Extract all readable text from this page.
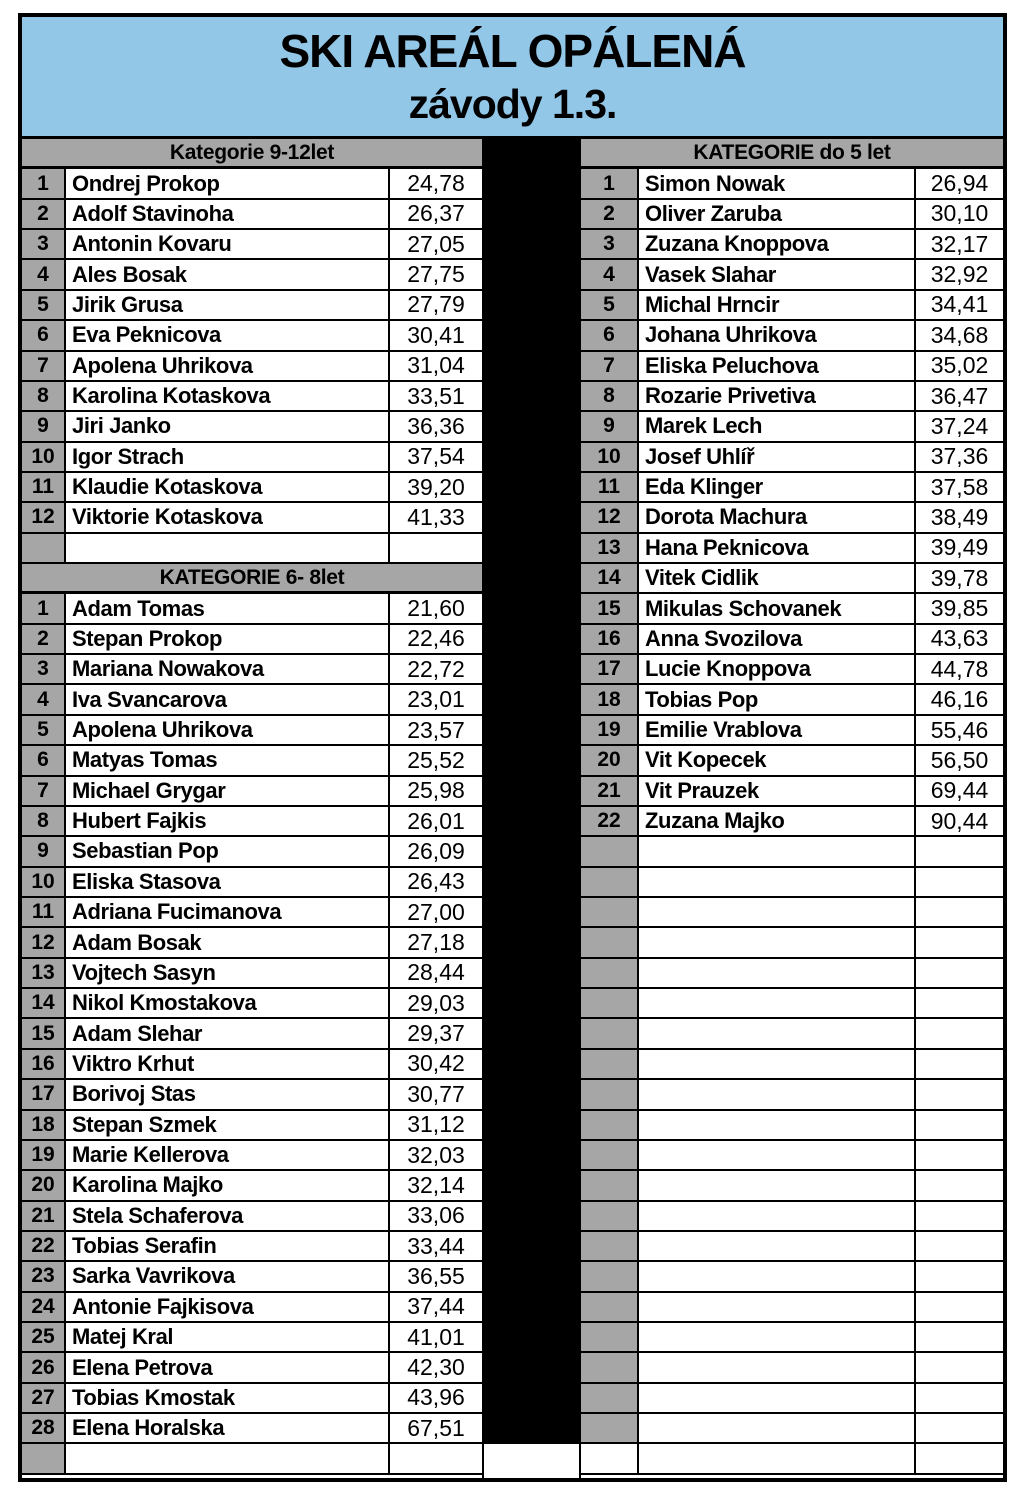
SKI AREÁL OPÁLENÁ
závody 1.3.
Kategorie 9-12let
1	Ondrej Prokop	24,78
2	Adolf Stavinoha	26,37
3	Antonin Kovaru	27,05
4	Ales Bosak	27,75
5	Jirik Grusa	27,79
6	Eva Peknicova	30,41
7	Apolena Uhrikova	31,04
8	Karolina Kotaskova	33,51
9	Jiri Janko	36,36
10 Igor Strach	37,54
11 Klaudie Kotaskova	39,20
12 Viktorie Kotaskova	41,33
KATEGORIE 6- 8let
1	Adam Tomas	21,60
2	Stepan Prokop	22,46
3	Mariana Nowakova	22,72
4	Iva Svancarova	23,01
5	Apolena Uhrikova	23,57
6	Matyas Tomas	25,52
7	Michael Grygar	25,98
8	Hubert Fajkis	26,01
9	Sebastian Pop	26,09
10 Eliska Stasova	26,43
11 Adriana Fucimanova	27,00
12 Adam Bosak	27,18
13 Vojtech Sasyn	28,44
14 Nikol Kmostakova	29,03
15 Adam Slehar	29,37
16 Viktro Krhut	30,42
17 Borivoj Stas	30,77
18 Stepan Szmek	31,12
19 Marie Kellerova	32,03
20 Karolina Majko	32,14
21 Stela Schaferova	33,06
22 Tobias Serafin	33,44
23 Sarka Vavrikova	36,55
24 Antonie Fajkisova	37,44
25 Matej Kral	41,01
26 Elena Petrova	42,30
27 Tobias Kmostak	43,96
28 Elena Horalska	67,51
KATEGORIE do 5 let
1	Simon Nowak	26,94
2	Oliver Zaruba	30,10
3	Zuzana Knoppova	32,17
4	Vasek Slahar	32,92
5	Michal Hrncir	34,41
6	Johana Uhrikova	34,68
7	Eliska Peluchova	35,02
8	Rozarie Privetiva	36,47
9	Marek Lech	37,24
10	Josef Uhlíř	37,36
11	Eda Klinger	37,58
12	Dorota Machura	38,49
13	Hana Peknicova	39,49
14	Vitek Cidlik	39,78
15	Mikulas Schovanek	39,85
16	Anna Svozilova	43,63
17	Lucie Knoppova	44,78
18	Tobias Pop	46,16
19	Emilie Vrablova	55,46
20	Vit Kopecek	56,50
21	Vit Prauzek	69,44
22	Zuzana Majko	90,44
